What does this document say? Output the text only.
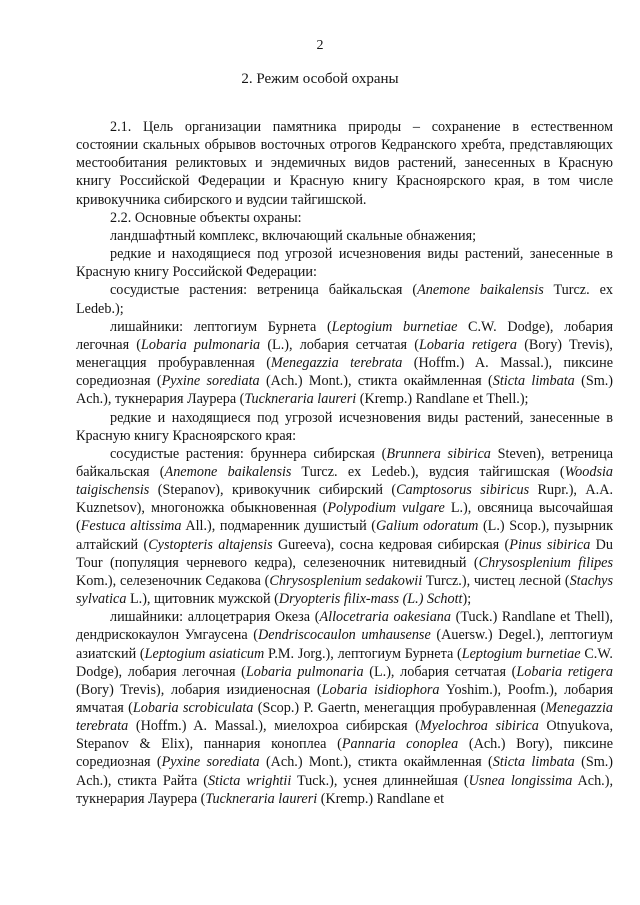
2
2. Режим особой охраны

2.1. Цель организации памятника природы – сохранение в естественном состоянии скальных обрывов восточных отрогов Кедранского хребта, представляющих местообитания реликтовых и эндемичных видов растений, занесенных в Красную книгу Российской Федерации и Красную книгу Красноярского края, в том числе кривокучника сибирского и вудсии тайгишской.

2.2. Основные объекты охраны:

ландшафтный комплекс, включающий скальные обнажения;

редкие и находящиеся под угрозой исчезновения виды растений, занесенные в Красную книгу Российской Федерации:

сосудистые растения: ветреница байкальская (Anemone baikalensis Turcz. ex Ledeb.);

лишайники: лептогиум Бурнета (Leptogium burnetiae C.W. Dodge), лобария легочная (Lobaria pulmonaria (L.), лобария сетчатая (Lobaria retigera (Bory) Trevis), менегацция пробуравленная (Menegazzia terebrata (Hoffm.) A. Massal.), пиксине соредиозная (Pyxine sorediata (Ach.) Mont.), стикта окаймленная (Sticta limbata (Sm.) Ach.), тукнерария Лаурера (Tuckneraria laureri (Kremp.) Randlane et Thell.);

редкие и находящиеся под угрозой исчезновения виды растений, занесенные в Красную книгу Красноярского края:

сосудистые растения: бруннера сибирская (Brunnera sibirica Steven), ветреница байкальская (Anemone baikalensis Turcz. ex Ledeb.), вудсия тайгишская (Woodsia taigischensis (Stepanov), кривокучник сибирский (Camptosorus sibiricus Rupr.), A.A. Kuznetsov), многоножка обыкновенная (Polypodium vulgare L.), овсяница высочайшая (Festuca altissima All.), подмаренник душистый (Galium odoratum (L.) Scop.), пузырник алтайский (Cystopteris altajensis Gureeva), сосна кедровая сибирская (Pinus sibirica Du Tour (популяция черневого кедра), селезеночник нитевидный (Chrysosplenium filipes Kom.), селезеночник Седакова (Chrysosplenium sedakowii Turcz.), чистец лесной (Stachys sylvatica L.), щитовник мужской (Dryopteris filix-mass (L.) Schott);

лишайники: аллоцетрария Океза (Allocetraria oakesiana (Tuck.) Randlane et Thell), дендрискокаулон Умгаусена (Dendriscocaulon umhausense (Auersw.) Degel.), лептогиум азиатский (Leptogium asiaticum P.M. Jorg.), лептогиум Бурнета (Leptogium burnetiae C.W. Dodge), лобария легочная (Lobaria pulmonaria (L.), лобария сетчатая (Lobaria retigera (Bory) Trevis), лобария изидиеносная (Lobaria isidiophora Yoshim.), Poofm.), лобария ямчатая (Lobaria scrobiculata (Scop.) P. Gaertn, менегацция пробуравленная (Menegazzia terebrata (Hoffm.) A. Massal.), миелохроа сибирская (Myelochroa sibirica Otnyukova, Stepanov & Elix), паннария коноплеа (Pannaria conoplea (Ach.) Bory), пиксине соредиозная (Pyxine sorediata (Ach.) Mont.), стикта окаймленная (Sticta limbata (Sm.) Ach.), стикта Райта (Sticta wrightii Tuck.), уснея длиннейшая (Usnea longissima Ach.), тукнерария Лаурера (Tuckneraria laureri (Kremp.) Randlane et
